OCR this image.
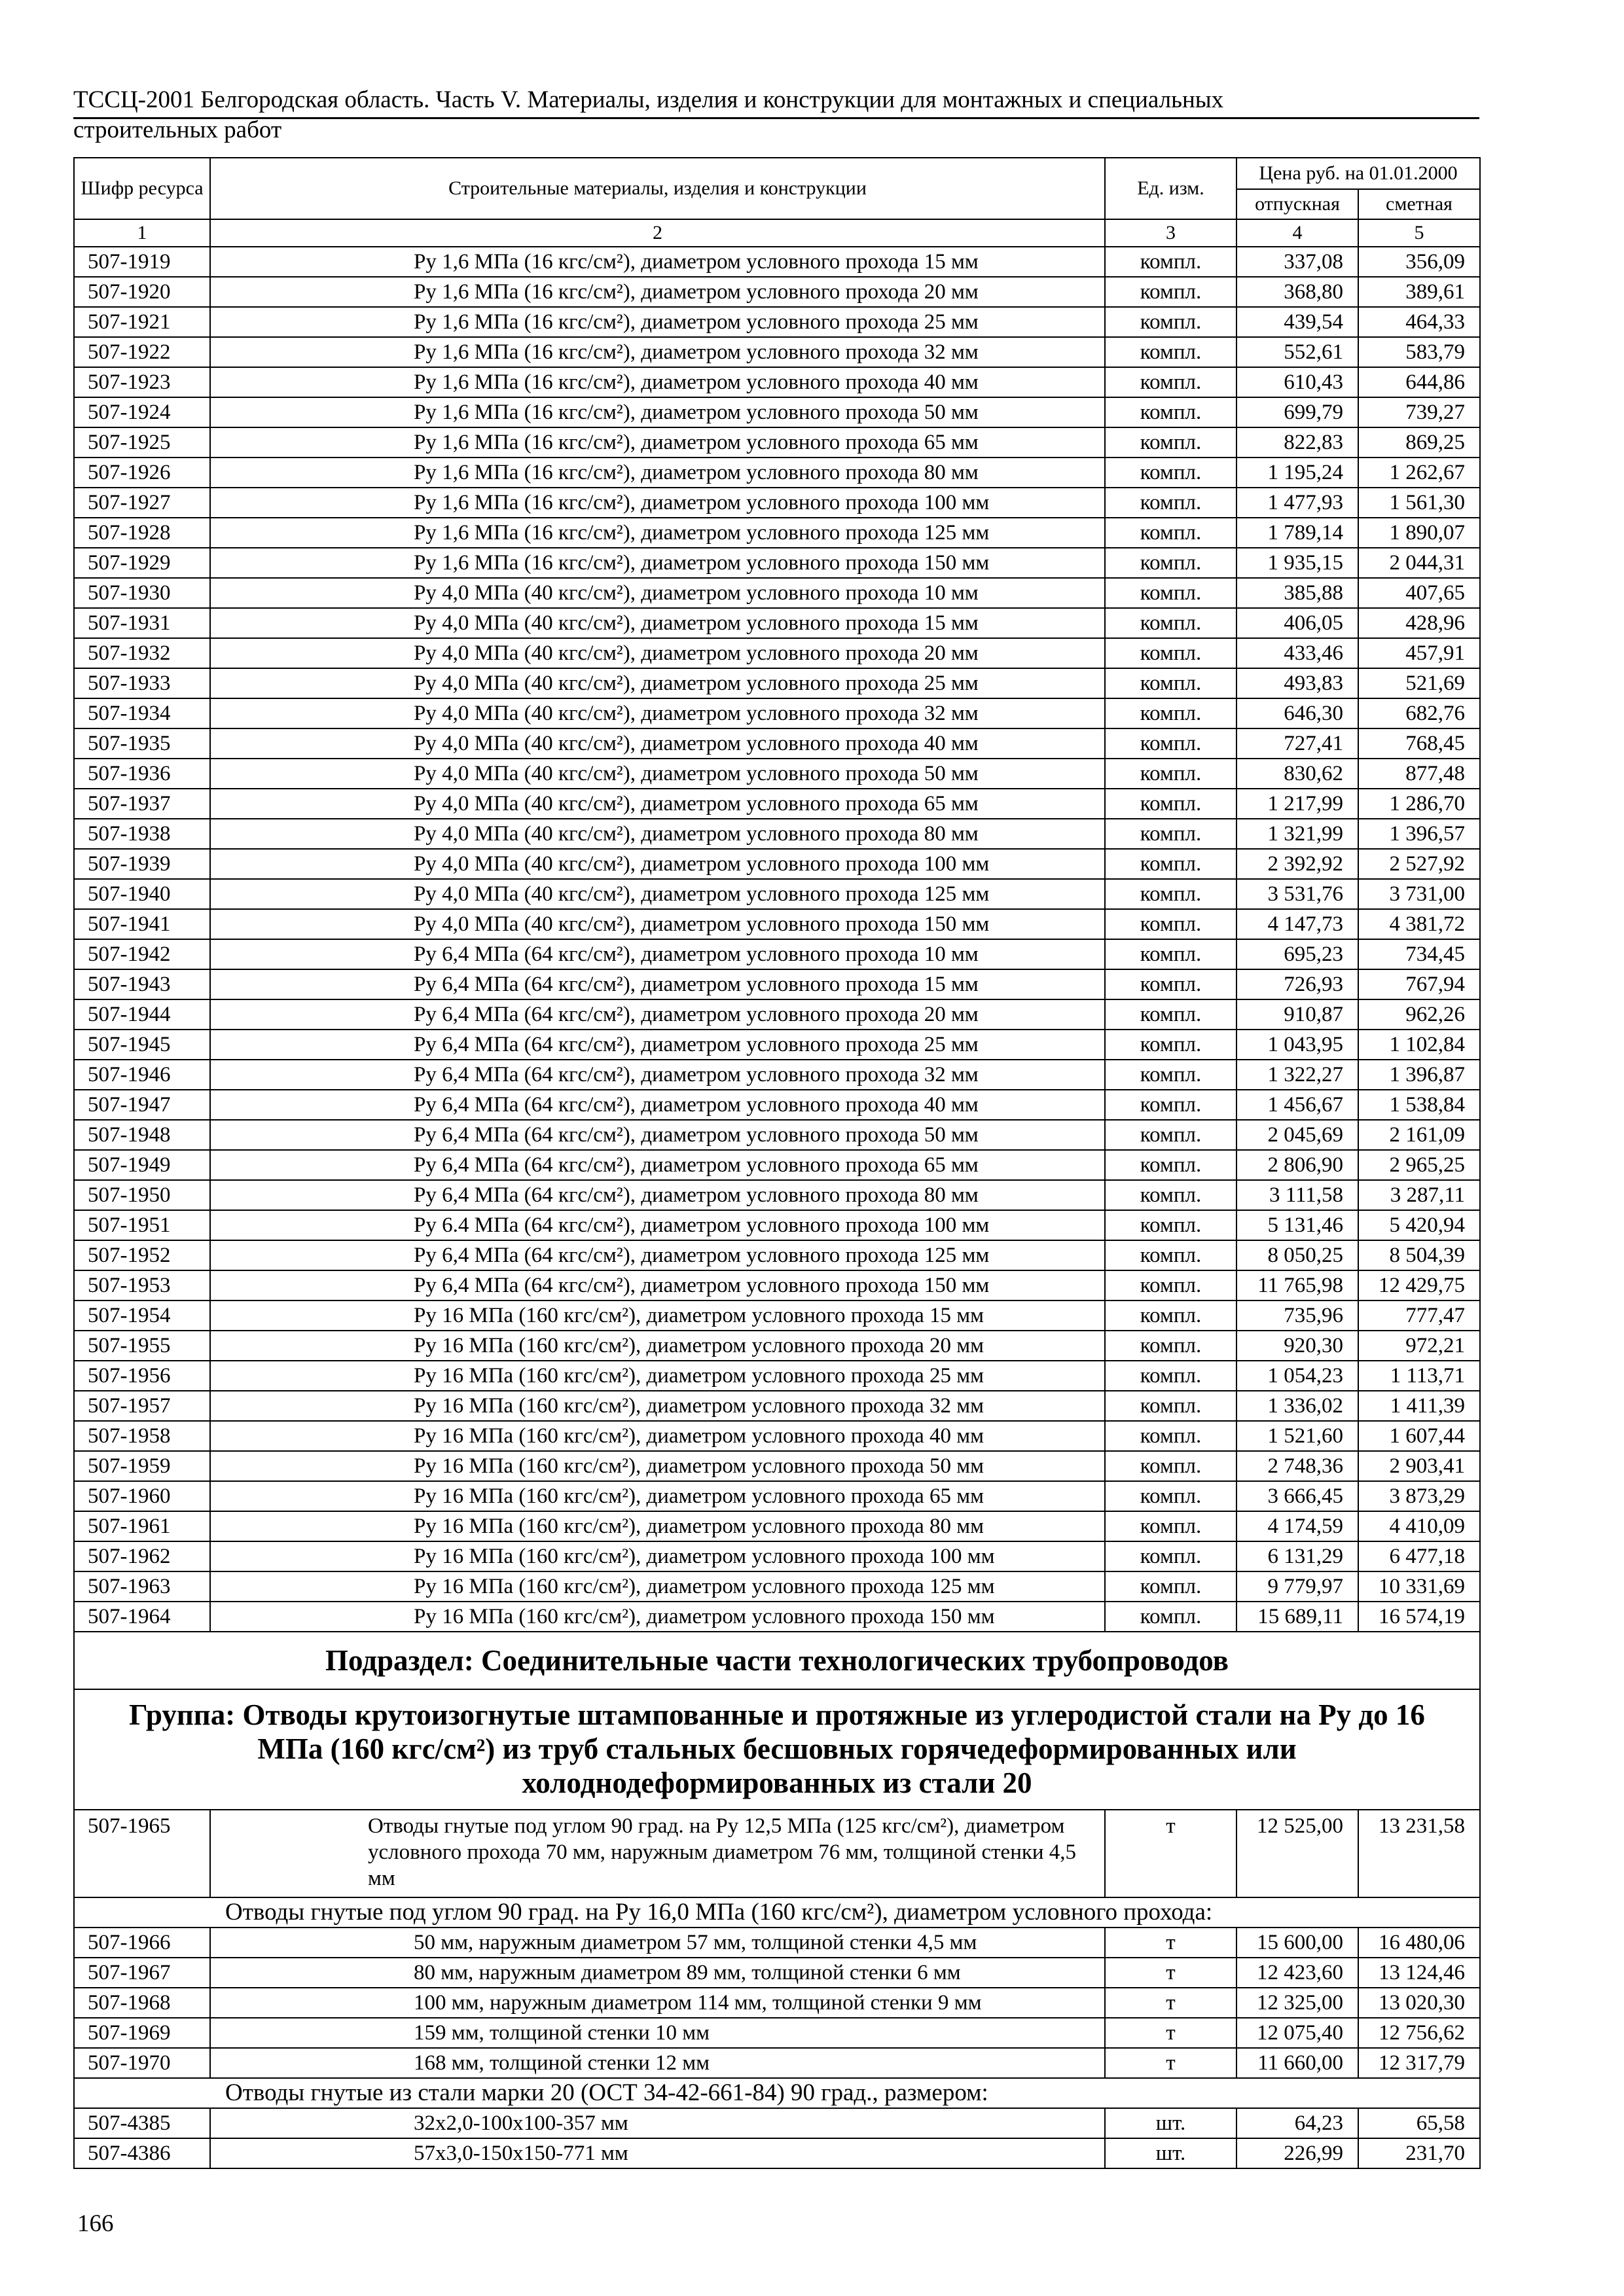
ТССЦ-2001 Белгородская область. Часть V. Материалы, изделия и конструкции для монтажных и специальных
строительных работ
Шифр ресурса	Строительные материалы, изделия и конструкции	Ед. изм.	Цена руб. на 01.01.2000	
			отпускная	сметная
1	2	3	4	5
507-1919	Ру 1,6 МПа (16 кгс/см²), диаметром условного прохода 15 мм	компл.	337,08	356,09
507-1920	Ру 1,6 МПа (16 кгс/см²), диаметром условного прохода 20 мм	компл.	368,80	389,61
507-1921	Ру 1,6 МПа (16 кгс/см²), диаметром условного прохода 25 мм	компл.	439,54	464,33
507-1922	Ру 1,6 МПа (16 кгс/см²), диаметром условного прохода 32 мм	компл.	552,61	583,79
507-1923	Ру 1,6 МПа (16 кгс/см²), диаметром условного прохода 40 мм	компл.	610,43	644,86
507-1924	Ру 1,6 МПа (16 кгс/см²), диаметром условного прохода 50 мм	компл.	699,79	739,27
507-1925	Ру 1,6 МПа (16 кгс/см²), диаметром условного прохода 65 мм	компл.	822,83	869,25
507-1926	Ру 1,6 МПа (16 кгс/см²), диаметром условного прохода 80 мм	компл.	1 195,24	1 262,67
507-1927	Ру 1,6 МПа (16 кгс/см²), диаметром условного прохода 100 мм	компл.	1 477,93	1 561,30
507-1928	Ру 1,6 МПа (16 кгс/см²), диаметром условного прохода 125 мм	компл.	1 789,14	1 890,07
507-1929	Ру 1,6 МПа (16 кгс/см²), диаметром условного прохода 150 мм	компл.	1 935,15	2 044,31
507-1930	Ру 4,0 МПа (40 кгс/см²), диаметром условного прохода 10 мм	компл.	385,88	407,65
507-1931	Ру 4,0 МПа (40 кгс/см²), диаметром условного прохода 15 мм	компл.	406,05	428,96
507-1932	Ру 4,0 МПа (40 кгс/см²), диаметром условного прохода 20 мм	компл.	433,46	457,91
507-1933	Ру 4,0 МПа (40 кгс/см²), диаметром условного прохода 25 мм	компл.	493,83	521,69
507-1934	Ру 4,0 МПа (40 кгс/см²), диаметром условного прохода 32 мм	компл.	646,30	682,76
507-1935	Ру 4,0 МПа (40 кгс/см²), диаметром условного прохода 40 мм	компл.	727,41	768,45
507-1936	Ру 4,0 МПа (40 кгс/см²), диаметром условного прохода 50 мм	компл.	830,62	877,48
507-1937	Ру 4,0 МПа (40 кгс/см²), диаметром условного прохода 65 мм	компл.	1 217,99	1 286,70
507-1938	Ру 4,0 МПа (40 кгс/см²), диаметром условного прохода 80 мм	компл.	1 321,99	1 396,57
507-1939	Ру 4,0 МПа (40 кгс/см²), диаметром условного прохода 100 мм	компл.	2 392,92	2 527,92
507-1940	Ру 4,0 МПа (40 кгс/см²), диаметром условного прохода 125 мм	компл.	3 531,76	3 731,00
507-1941	Ру 4,0 МПа (40 кгс/см²), диаметром условного прохода 150 мм	компл.	4 147,73	4 381,72
507-1942	Ру 6,4 МПа (64 кгс/см²), диаметром условного прохода 10 мм	компл.	695,23	734,45
507-1943	Ру 6,4 МПа (64 кгс/см²), диаметром условного прохода 15 мм	компл.	726,93	767,94
507-1944	Ру 6,4 МПа (64 кгс/см²), диаметром условного прохода 20 мм	компл.	910,87	962,26
507-1945	Ру 6,4 МПа (64 кгс/см²), диаметром условного прохода 25 мм	компл.	1 043,95	1 102,84
507-1946	Ру 6,4 МПа (64 кгс/см²), диаметром условного прохода 32 мм	компл.	1 322,27	1 396,87
507-1947	Ру 6,4 МПа (64 кгс/см²), диаметром условного прохода 40 мм	компл.	1 456,67	1 538,84
507-1948	Ру 6,4 МПа (64 кгс/см²), диаметром условного прохода 50 мм	компл.	2 045,69	2 161,09
507-1949	Ру 6,4 МПа (64 кгс/см²), диаметром условного прохода 65 мм	компл.	2 806,90	2 965,25
507-1950	Ру 6,4 МПа (64 кгс/см²), диаметром условного прохода 80 мм	компл.	3 111,58	3 287,11
507-1951	Ру 6.4 МПа (64 кгс/см²), диаметром условного прохода 100 мм	компл.	5 131,46	5 420,94
507-1952	Ру 6,4 МПа (64 кгс/см²), диаметром условного прохода 125 мм	компл.	8 050,25	8 504,39
507-1953	Ру 6,4 МПа (64 кгс/см²), диаметром условного прохода 150 мм	компл.	11 765,98	12 429,75
507-1954	Ру 16 МПа (160 кгс/см²), диаметром условного прохода 15 мм	компл.	735,96	777,47
507-1955	Ру 16 МПа (160 кгс/см²), диаметром условного прохода 20 мм	компл.	920,30	972,21
507-1956	Ру 16 МПа (160 кгс/см²), диаметром условного прохода 25 мм	компл.	1 054,23	1 113,71
507-1957	Ру 16 МПа (160 кгс/см²), диаметром условного прохода 32 мм	компл.	1 336,02	1 411,39
507-1958	Ру 16 МПа (160 кгс/см²), диаметром условного прохода 40 мм	компл.	1 521,60	1 607,44
507-1959	Ру 16 МПа (160 кгс/см²), диаметром условного прохода 50 мм	компл.	2 748,36	2 903,41
507-1960	Ру 16 МПа (160 кгс/см²), диаметром условного прохода 65 мм	компл.	3 666,45	3 873,29
507-1961	Ру 16 МПа (160 кгс/см²), диаметром условного прохода 80 мм	компл.	4 174,59	4 410,09
507-1962	Ру 16 МПа (160 кгс/см²), диаметром условного прохода 100 мм	компл.	6 131,29	6 477,18
507-1963	Ру 16 МПа (160 кгс/см²), диаметром условного прохода 125 мм	компл.	9 779,97	10 331,69
507-1964	Ру 16 МПа (160 кгс/см²), диаметром условного прохода 150 мм	компл.	15 689,11	16 574,19
Подраздел: Соединительные части технологических трубопроводов				
Группа: Отводы крутоизогнутые штампованные и протяжные из углеродистой стали на Ру до 16 МПа (160 кгс/см²) из труб стальных бесшовных горячедеформированных или холоднодеформированных из стали 20				
507-1965	Отводы гнутые под углом 90 град. на Ру 12,5 МПа (125 кгс/см²), диаметром условного прохода 70 мм, наружным диаметром 76 мм, толщиной стенки 4,5 мм	т	12 525,00	13 231,58
Отводы гнутые под углом 90 град. на Ру 16,0 МПа (160 кгс/см²), диаметром условного прохода:				
507-1966	50 мм, наружным диаметром 57 мм, толщиной стенки 4,5 мм	т	15 600,00	16 480,06
507-1967	80 мм, наружным диаметром 89 мм, толщиной стенки 6 мм	т	12 423,60	13 124,46
507-1968	100 мм, наружным диаметром 114 мм, толщиной стенки 9 мм	т	12 325,00	13 020,30
507-1969	159 мм, толщиной стенки 10 мм	т	12 075,40	12 756,62
507-1970	168 мм, толщиной стенки 12 мм	т	11 660,00	12 317,79
Отводы гнутые из стали марки 20 (ОСТ 34-42-661-84) 90 град., размером:				
507-4385	32х2,0-100х100-357 мм	шт.	64,23	65,58
507-4386	57х3,0-150х150-771 мм	шт.	226,99	231,70
166
